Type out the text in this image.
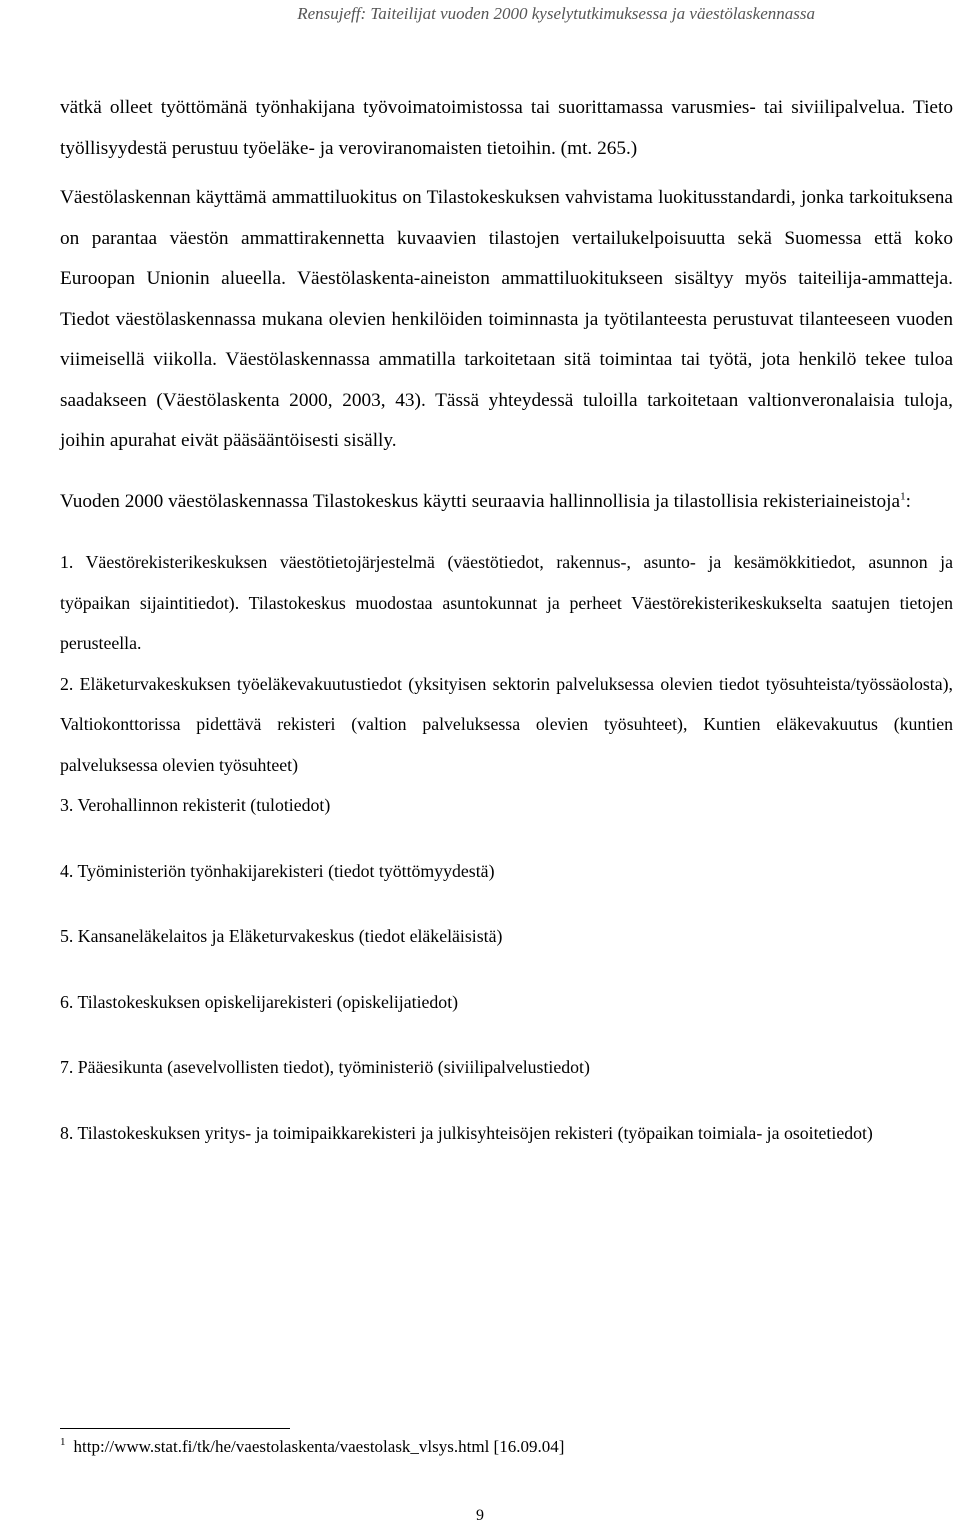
Rensujeff: Taiteilijat vuoden 2000 kyselytutkimuksessa ja väestölaskennassa

vätkä olleet työttömänä työnhakijana työvoimatoimistossa tai suorittamassa varusmies- tai siviilipalvelua. Tieto työllisyydestä perustuu työeläke- ja veroviranomaisten tietoihin. (mt. 265.)

Väestölaskennan käyttämä ammattiluokitus on Tilastokeskuksen vahvistama luokitusstandardi, jonka tarkoituksena on parantaa väestön ammattirakennetta kuvaavien tilastojen vertailukelpoisuutta sekä Suomessa että koko Euroopan Unionin alueella. Väestölaskenta-aineiston ammattiluokitukseen sisältyy myös taiteilija-ammatteja. Tiedot väestölaskennassa mukana olevien henkilöiden toiminnasta ja työtilanteesta perustuvat tilanteeseen vuoden viimeisellä viikolla. Väestölaskennassa ammatilla tarkoitetaan sitä toimintaa tai työtä, jota henkilö tekee tuloa saadakseen (Väestölaskenta 2000, 2003, 43). Tässä yhteydessä tuloilla tarkoitetaan valtionveronalaisia tuloja, joihin apurahat eivät pääsääntöisesti sisälly.

Vuoden 2000 väestölaskennassa Tilastokeskus käytti seuraavia hallinnollisia ja tilastollisia rekisteriaineistoja$^1$:

1. Väestörekisterikeskuksen väestötietojärjestelmä (väestötiedot, rakennus-, asunto- ja kesämökkitiedot, asunnon ja työpaikan sijaintitiedot). Tilastokeskus muodostaa asuntokunnat ja perheet Väestörekisterikeskukselta saatujen tietojen perusteella.

2. Eläketurvakeskuksen työeläkevakuutustiedot (yksityisen sektorin palveluksessa olevien tiedot työsuhteista/työssäolosta), Valtiokonttorissa pidettävä rekisteri (valtion palveluksessa olevien työsuhteet), Kuntien eläkevakuutus (kuntien palveluksessa olevien työsuhteet)

3. Verohallinnon rekisterit (tulotiedot)

4. Työministeriön työnhakijarekisteri (tiedot työttömyydestä)

5. Kansaneläkelaitos ja Eläketurvakeskus (tiedot eläkeläisistä)

6. Tilastokeskuksen opiskelijarekisteri (opiskelijatiedot)

7. Pääesikunta (asevelvollisten tiedot), työministeriö (siviilipalvelustiedot)

8. Tilastokeskuksen yritys- ja toimipaikkarekisteri ja julkisyhteisöjen rekisteri (työpaikan toimiala- ja osoitetiedot)

$^1$ http://www.stat.fi/tk/he/vaestolaskenta/vaestolask_vlsys.html [16.09.04]
9
